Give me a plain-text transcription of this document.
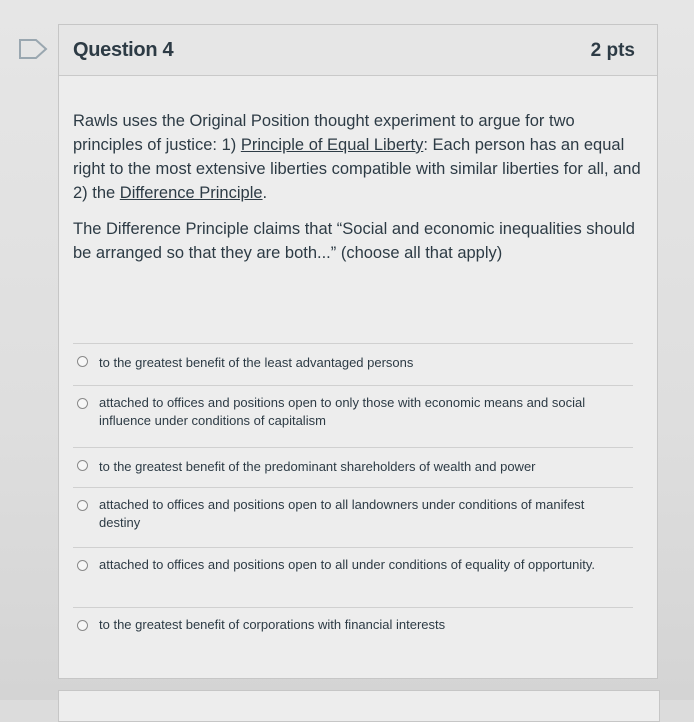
Question 4	2 pts

Rawls uses the Original Position thought experiment to argue for two principles of justice: 1) Principle of Equal Liberty: Each person has an equal right to the most extensive liberties compatible with similar liberties for all, and 2) the Difference Principle.

The Difference Principle claims that “Social and economic inequalities should be arranged so that they are both...” (choose all that apply)

to the greatest benefit of the least advantaged persons
attached to offices and positions open to only those with economic means and social influence under conditions of capitalism
to the greatest benefit of the predominant shareholders of wealth and power
attached to offices and positions open to all landowners under conditions of manifest destiny
attached to offices and positions open to all under conditions of equality of opportunity.
to the greatest benefit of corporations with financial interests
